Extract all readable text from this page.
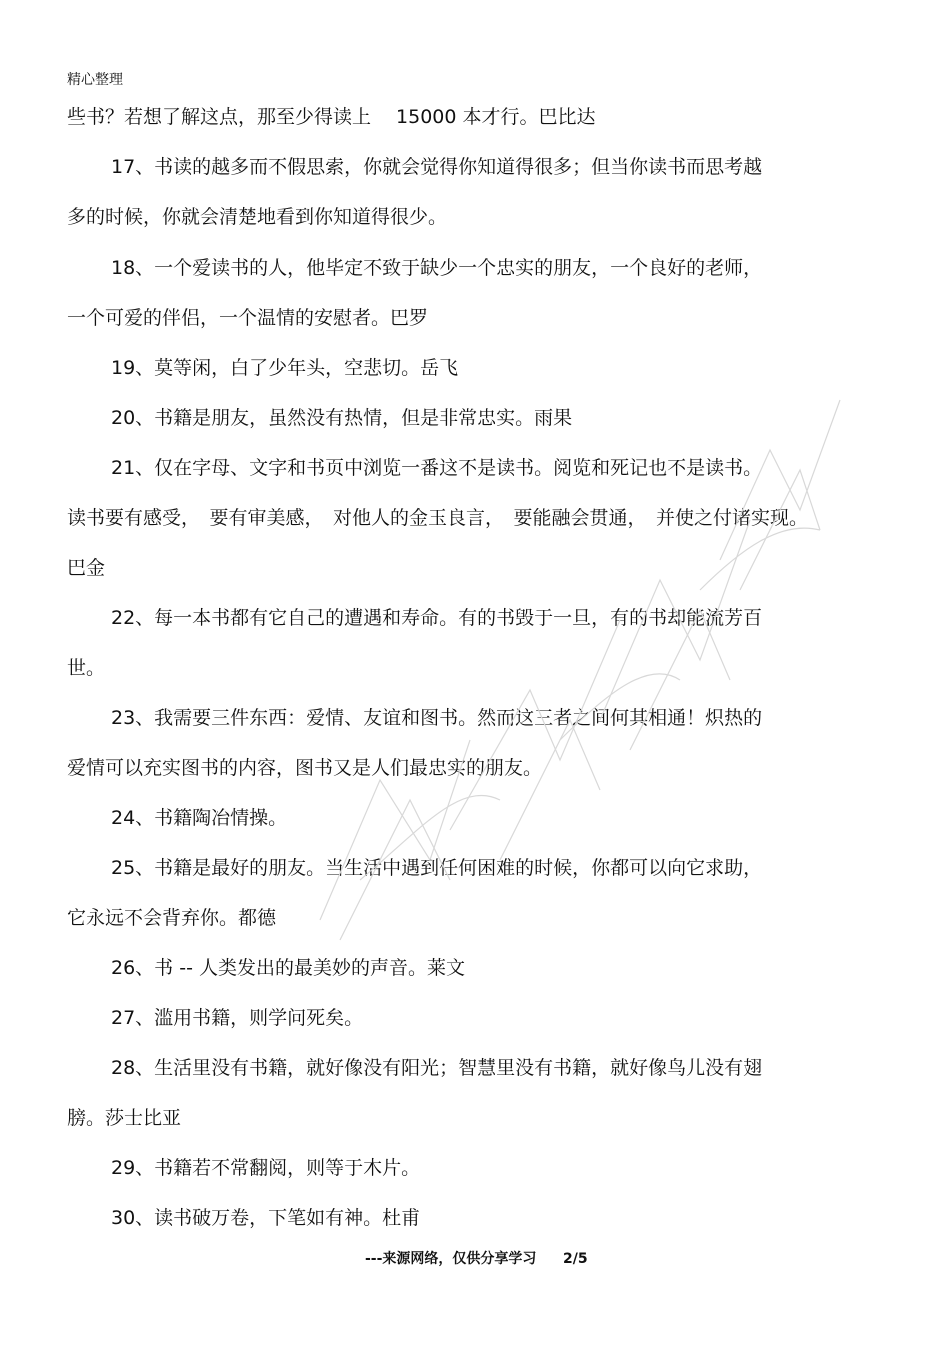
精心整理
些书？若想了解这点，那至少得读上　 15000 本才行。巴比达
17、书读的越多而不假思索，你就会觉得你知道得很多；但当你读书而思考越
多的时候，你就会清楚地看到你知道得很少。
18、一个爱读书的人，他毕定不致于缺少一个忠实的朋友，一个良好的老师，
一个可爱的伴侣，一个温情的安慰者。巴罗
19、莫等闲，白了少年头，空悲切。岳飞
20、书籍是朋友，虽然没有热情，但是非常忠实。雨果
21、仅在字母、文字和书页中浏览一番这不是读书。阅览和死记也不是读书。
读书要有感受，　要有审美感，　对他人的金玉良言，　要能融会贯通，　并使之付诸实现。
巴金
22、每一本书都有它自己的遭遇和寿命。有的书毁于一旦，有的书却能流芳百
世。
23、我需要三件东西：爱情、友谊和图书。然而这三者之间何其相通！炽热的
爱情可以充实图书的内容，图书又是人们最忠实的朋友。
24、书籍陶冶情操。
25、书籍是最好的朋友。当生活中遇到任何困难的时候，你都可以向它求助，
它永远不会背弃你。都德
26、书 -- 人类发出的最美妙的声音。莱文
27、滥用书籍，则学问死矣。
28、生活里没有书籍，就好像没有阳光；智慧里没有书籍，就好像鸟儿没有翅
膀。莎士比亚
29、书籍若不常翻阅，则等于木片。
30、读书破万卷，下笔如有神。杜甫
---来源网络，仅供分享学习 2/5
